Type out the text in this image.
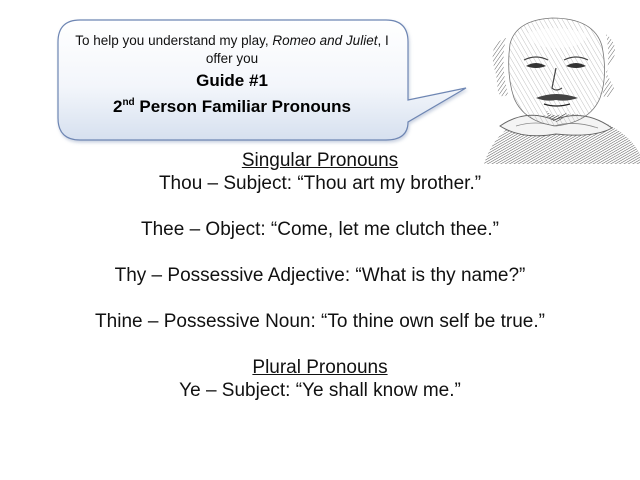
To help you understand my play, Romeo and Juliet, I offer you
Guide #1
2nd Person Familiar Pronouns
Singular Pronouns
Thou – Subject: “Thou art my brother.”
Thee – Object: “Come, let me clutch thee.”
Thy – Possessive Adjective: “What is thy name?”
Thine – Possessive Noun: “To thine own self be true.”
Plural Pronouns
Ye – Subject: “Ye shall know me.”
